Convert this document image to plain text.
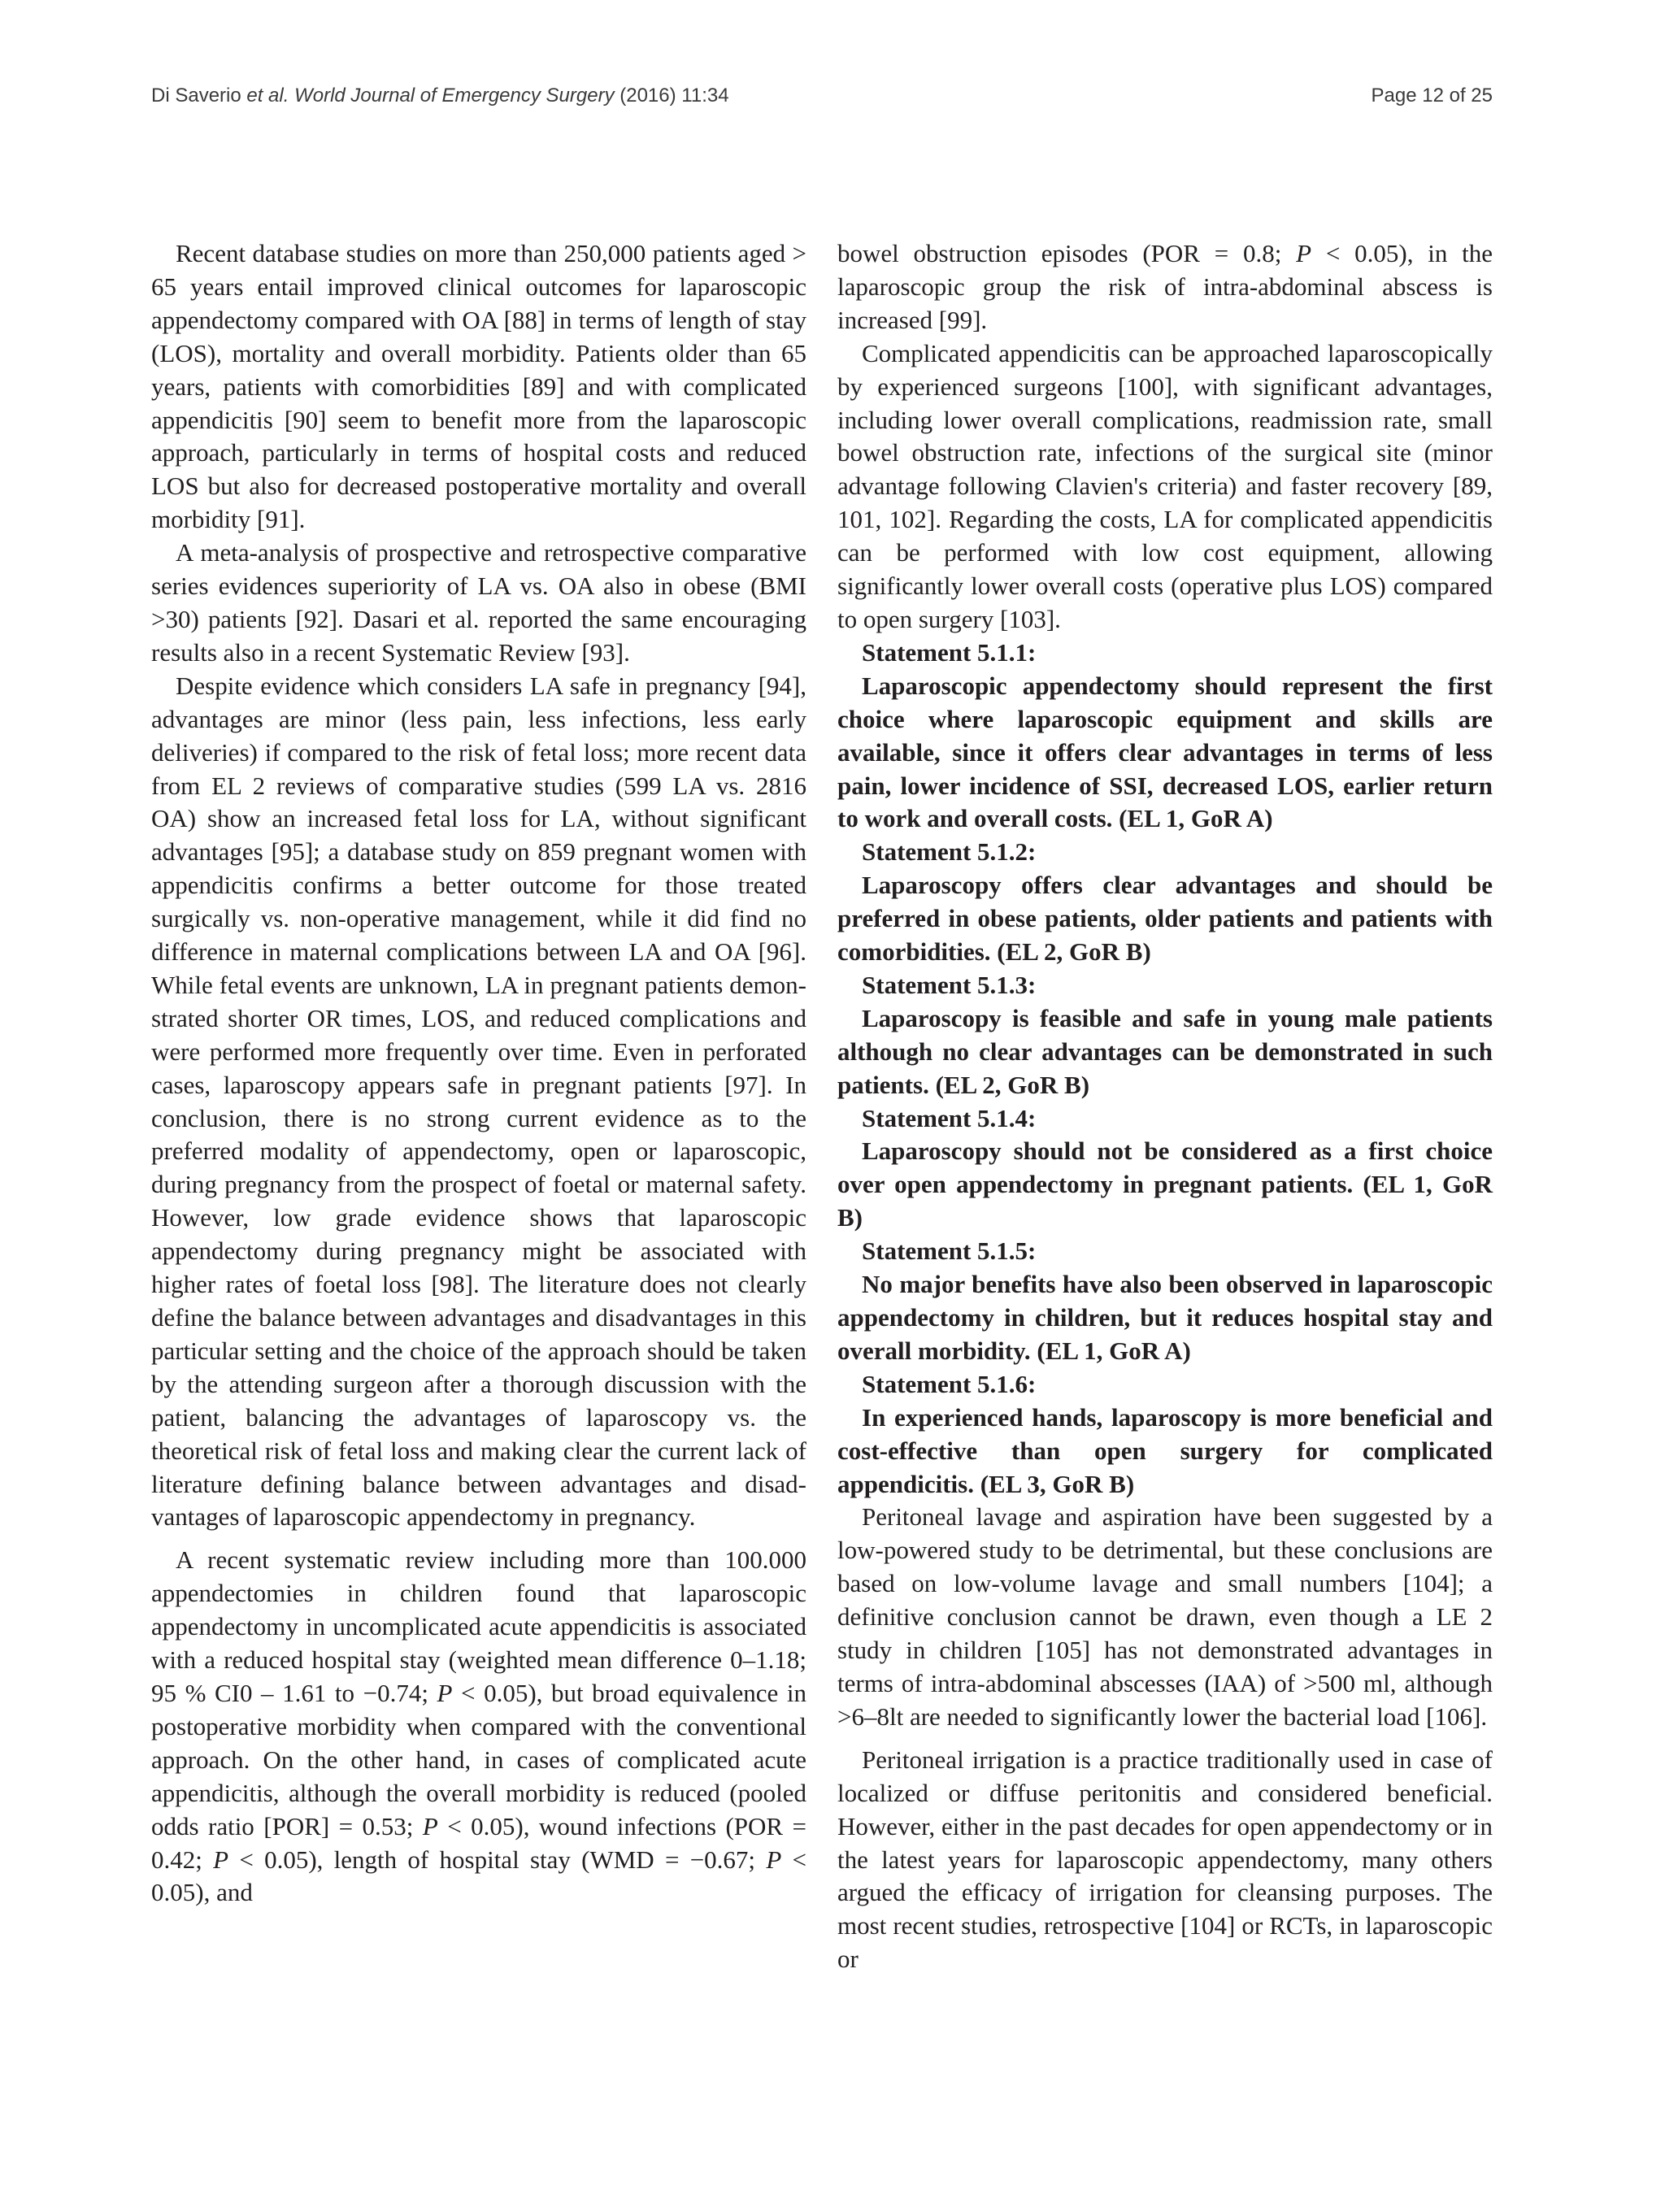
Di Saverio et al. World Journal of Emergency Surgery (2016) 11:34	Page 12 of 25

Recent database studies on more than 250,000 patients aged > 65 years entail improved clinical outcomes for laparoscopic appendectomy compared with OA [88] in terms of length of stay (LOS), mortality and overall morbidity. Patients older than 65 years, patients with comorbidities [89] and with complicated appendicitis [90] seem to benefit more from the laparoscopic approach, particularly in terms of hospital costs and reduced LOS but also for decreased postoperative mortality and overall morbidity [91].

A meta-analysis of prospective and retrospective comparative series evidences superiority of LA vs. OA also in obese (BMI >30) patients [92]. Dasari et al. reported the same encouraging results also in a recent Systematic Review [93].

Despite evidence which considers LA safe in pregnancy [94], advantages are minor (less pain, less infections, less early deliveries) if compared to the risk of fetal loss; more recent data from EL 2 reviews of comparative studies (599 LA vs. 2816 OA) show an increased fetal loss for LA, without significant advantages [95]; a database study on 859 pregnant women with appendicitis confirms a better outcome for those treated surgically vs. non-operative management, while it did find no difference in maternal complications between LA and OA [96]. While fetal events are unknown, LA in pregnant patients demonstrated shorter OR times, LOS, and reduced complications and were performed more frequently over time. Even in perforated cases, laparoscopy appears safe in pregnant patients [97]. In conclusion, there is no strong current evidence as to the preferred modality of appendectomy, open or laparoscopic, during pregnancy from the prospect of foetal or maternal safety. However, low grade evidence shows that laparoscopic appendectomy during pregnancy might be associated with higher rates of foetal loss [98]. The literature does not clearly define the balance between advantages and disadvantages in this particular setting and the choice of the approach should be taken by the attending surgeon after a thorough discussion with the patient, balancing the advantages of laparoscopy vs. the theoretical risk of fetal loss and making clear the current lack of literature defining balance between advantages and disadvantages of laparoscopic appendectomy in pregnancy.

A recent systematic review including more than 100.000 appendectomies in children found that laparoscopic appendectomy in uncomplicated acute appendicitis is associated with a reduced hospital stay (weighted mean difference 0–1.18; 95 % CI0 – 1.61 to −0.74; P < 0.05), but broad equivalence in postoperative morbidity when compared with the conventional approach. On the other hand, in cases of complicated acute appendicitis, although the overall morbidity is reduced (pooled odds ratio [POR] = 0.53; P < 0.05), wound infections (POR = 0.42; P < 0.05), length of hospital stay (WMD = −0.67; P < 0.05), and

bowel obstruction episodes (POR = 0.8; P < 0.05), in the laparoscopic group the risk of intra-abdominal abscess is increased [99].

Complicated appendicitis can be approached laparoscopically by experienced surgeons [100], with significant advantages, including lower overall complications, readmission rate, small bowel obstruction rate, infections of the surgical site (minor advantage following Clavien's criteria) and faster recovery [89, 101, 102]. Regarding the costs, LA for complicated appendicitis can be performed with low cost equipment, allowing significantly lower overall costs (operative plus LOS) compared to open surgery [103].

Statement 5.1.1:

Laparoscopic appendectomy should represent the first choice where laparoscopic equipment and skills are available, since it offers clear advantages in terms of less pain, lower incidence of SSI, decreased LOS, earlier return to work and overall costs. (EL 1, GoR A)

Statement 5.1.2:

Laparoscopy offers clear advantages and should be preferred in obese patients, older patients and patients with comorbidities. (EL 2, GoR B)

Statement 5.1.3:

Laparoscopy is feasible and safe in young male patients although no clear advantages can be demonstrated in such patients. (EL 2, GoR B)

Statement 5.1.4:

Laparoscopy should not be considered as a first choice over open appendectomy in pregnant patients. (EL 1, GoR B)

Statement 5.1.5:

No major benefits have also been observed in laparoscopic appendectomy in children, but it reduces hospital stay and overall morbidity. (EL 1, GoR A)

Statement 5.1.6:

In experienced hands, laparoscopy is more beneficial and cost-effective than open surgery for complicated appendicitis. (EL 3, GoR B)

Peritoneal lavage and aspiration have been suggested by a low-powered study to be detrimental, but these conclusions are based on low-volume lavage and small numbers [104]; a definitive conclusion cannot be drawn, even though a LE 2 study in children [105] has not demonstrated advantages in terms of intra-abdominal abscesses (IAA) of >500 ml, although >6–8lt are needed to significantly lower the bacterial load [106].

Peritoneal irrigation is a practice traditionally used in case of localized or diffuse peritonitis and considered beneficial. However, either in the past decades for open appendectomy or in the latest years for laparoscopic appendectomy, many others argued the efficacy of irrigation for cleansing purposes. The most recent studies, retrospective [104] or RCTs, in laparoscopic or
